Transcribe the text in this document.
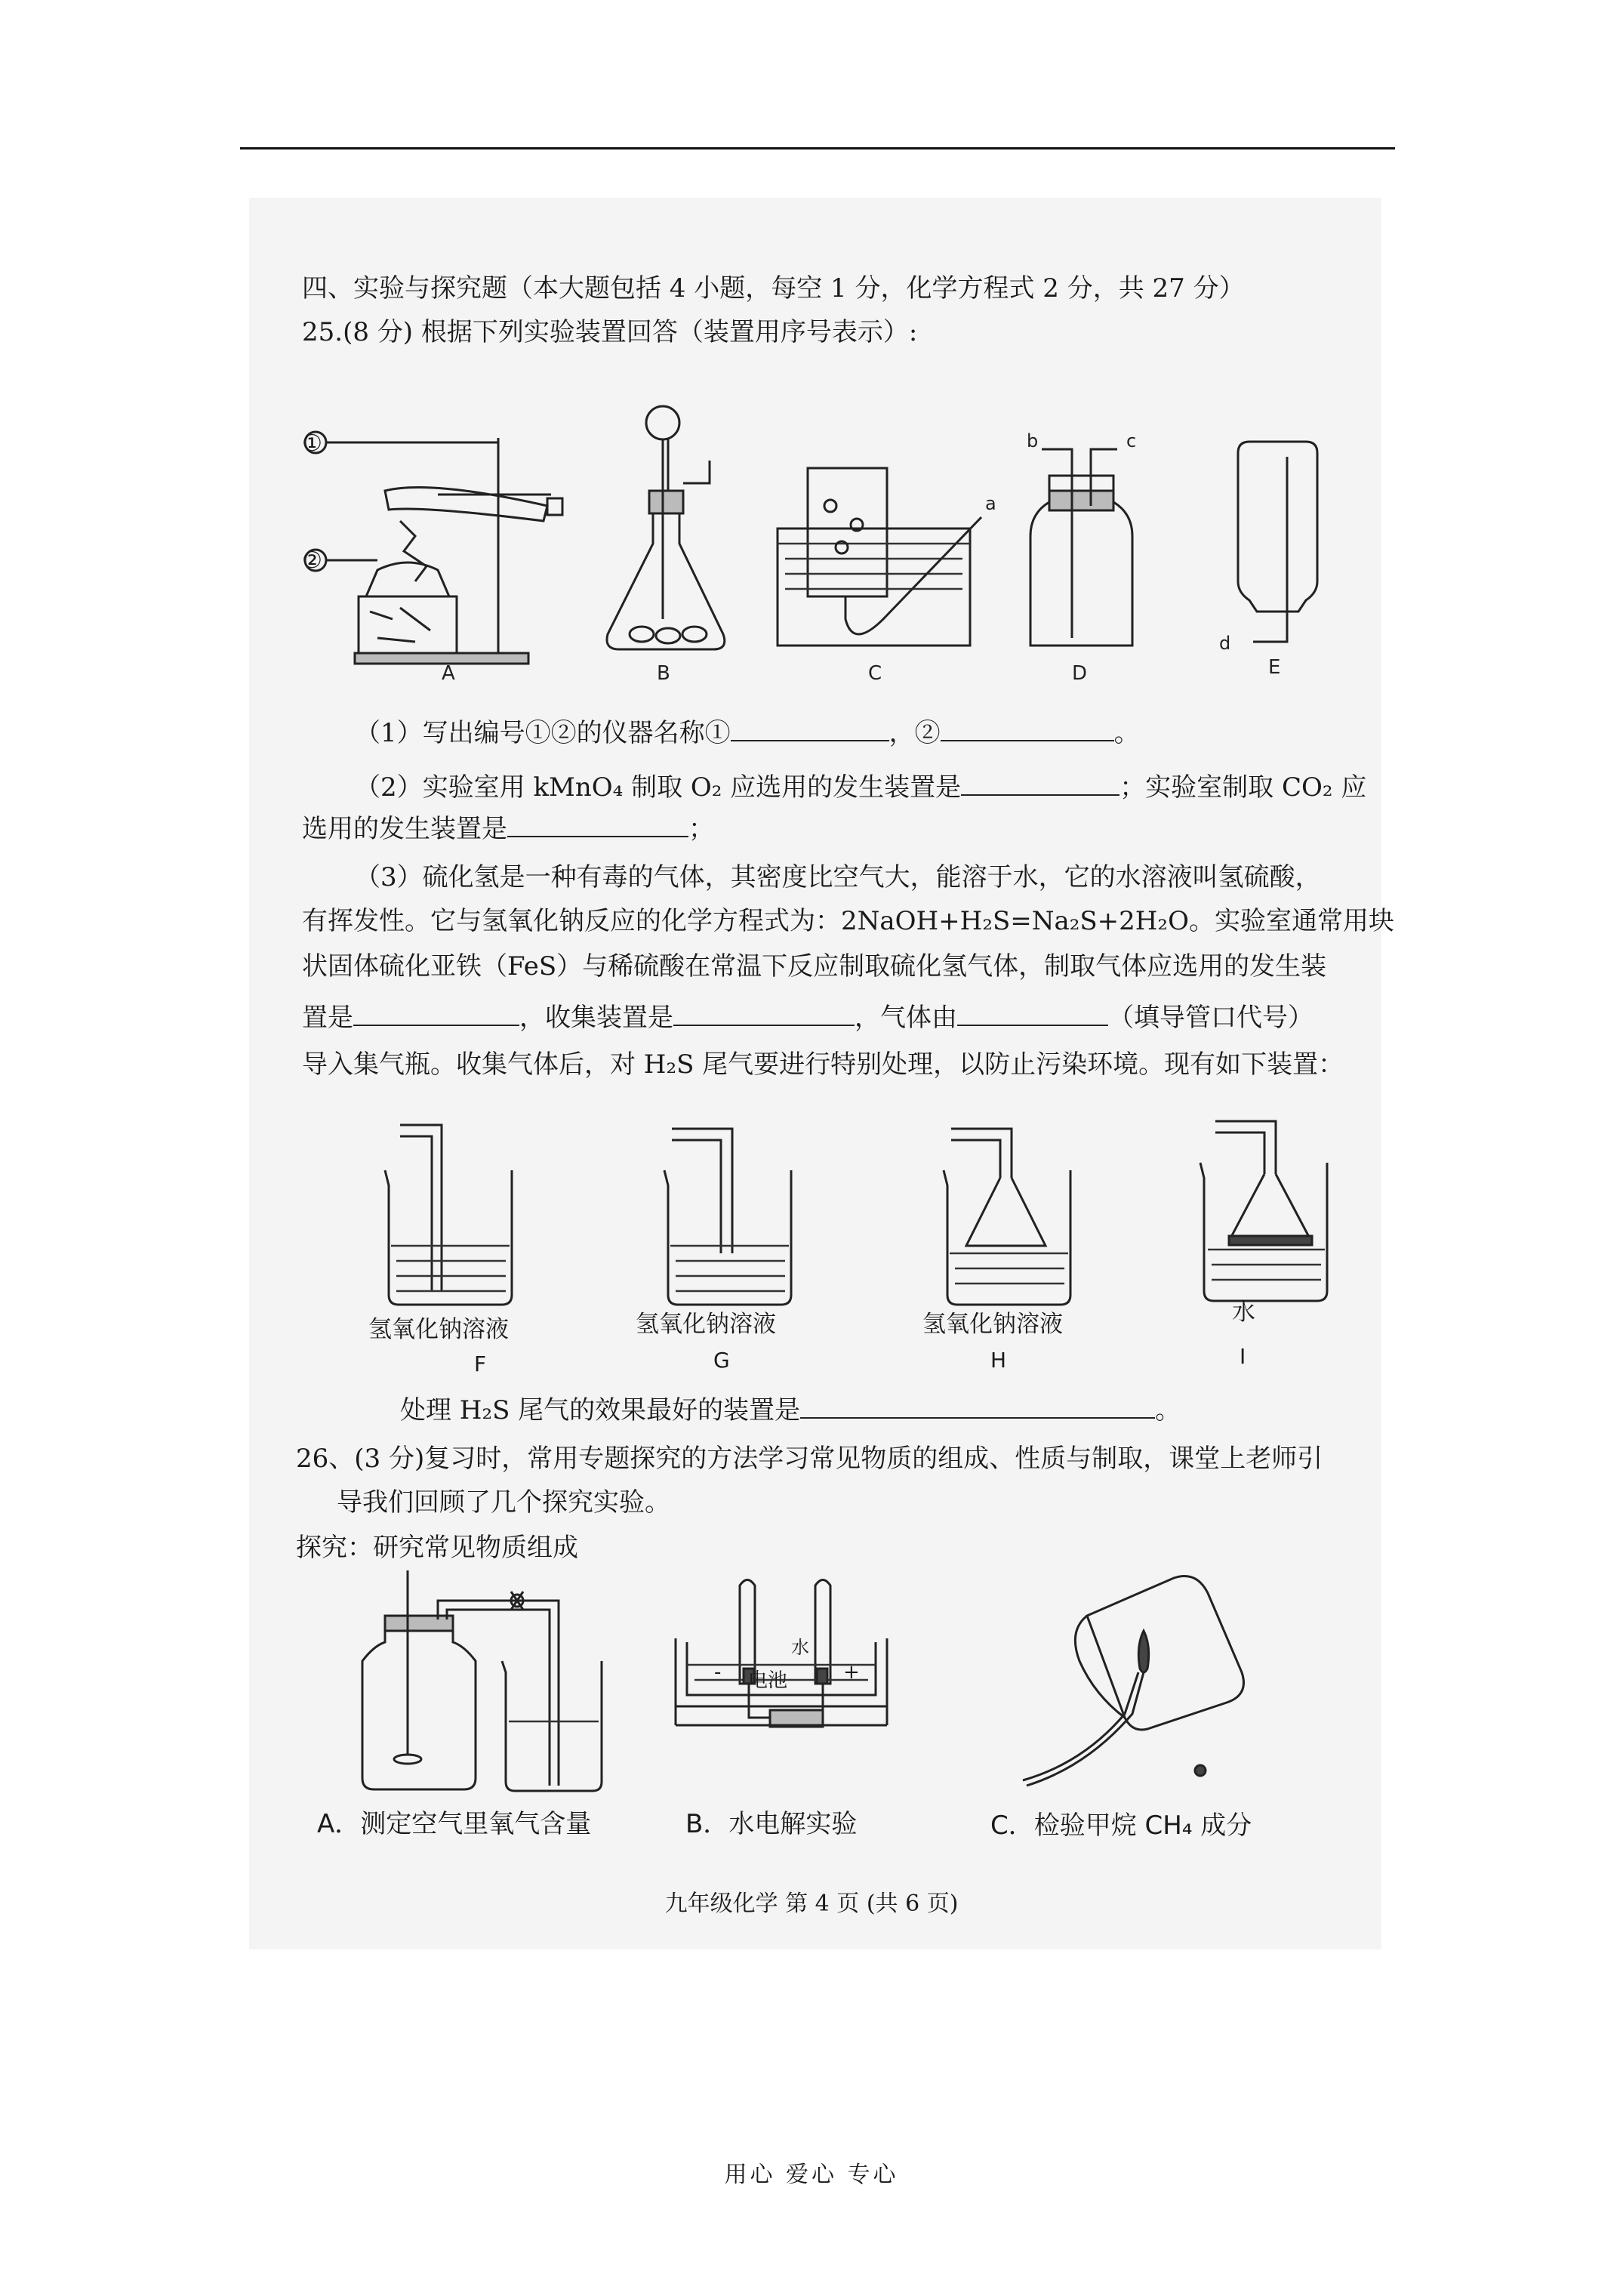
四、实验与探究题（本大题包括 4 小题，每空 1 分，化学方程式 2 分，共 27 分）
25.(8 分) 根据下列实验装置回答（装置用序号表示）:
A	B
a
C
b	c
D
d
E
（1）写出编号①②的仪器名称①	，②	。
（2）实验室用 kMnO₄ 制取 O₂ 应选用的发生装置是	；实验室制取 CO₂ 应
选用的发生装置是	；
（3）硫化氢是一种有毒的气体，其密度比空气大，能溶于水，它的水溶液叫氢硫酸，
有挥发性。它与氢氧化钠反应的化学方程式为：2NaOH+H₂S=Na₂S+2H₂O。实验室通常用块
状固体硫化亚铁（FeS）与稀硫酸在常温下反应制取硫化氢气体，制取气体应选用的发生装
置是	，收集装置是	，气体由	（填导管口代号）
导入集气瓶。收集气体后，对 H₂S 尾气要进行特别处理，以防止污染环境。现有如下装置：
氢氧化钠溶液	氢氧化钠溶液	氢氧化钠溶液	水
F	G	H	I
处理 H₂S 尾气的效果最好的装置是	。
26、(3 分)复习时，常用专题探究的方法学习常见物质的组成、性质与制取，课堂上老师引
导我们回顾了几个探究实验。
探究：研究常见物质组成
电池
水
-	+
A．测定空气里氧气含量	B．水电解实验	C．检验甲烷 CH₄ 成分
①
②
九年级化学 第 4 页 (共 6 页)
用心 爱心 专心
